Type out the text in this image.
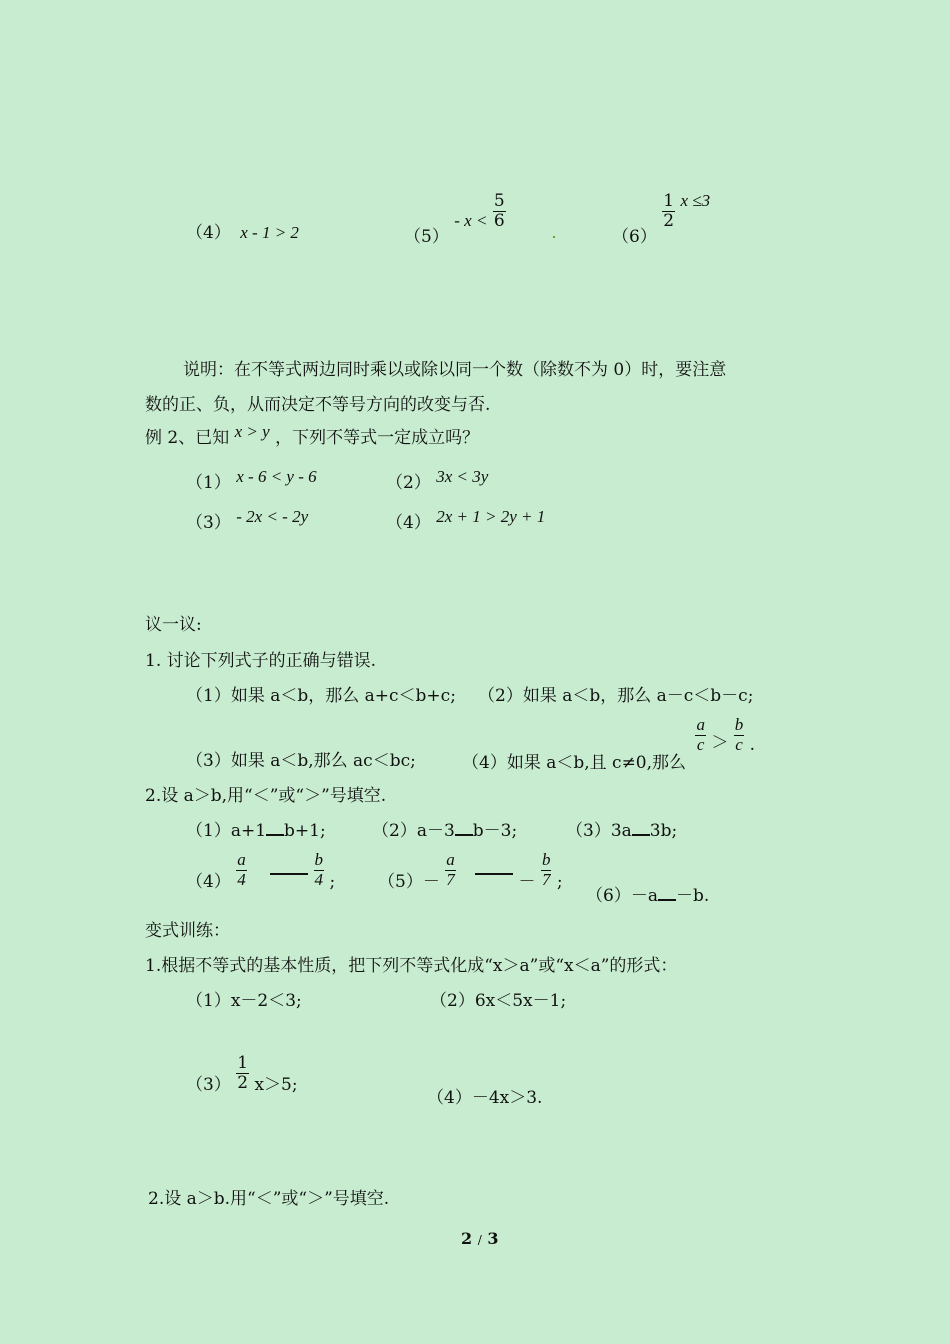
（4） x - 1 > 2	$(5) - x < \frac{5}{6}$
（6）
$\frac{1}{2}$ x ≤3
说明：在不等式两边同时乘以或除以同一个数（除数不为 0）时，要注意
数的正、负，从而决定不等号方向的改变与否.
例 2、已知 x > y ，下列不等式一定成立吗？
（1） x - 6 < y - 6	（2） 3x < 3y
（3） - 2x < - 2y	（4） 2x + 1 > 2y + 1
议一议:
1. 讨论下列式子的正确与错误.
（1）如果 a＜b，那么 a+c＜b+c; （2）如果 a＜b，那么 a－c＜b－c;
（3）如果 a＜b,那么 ac＜bc;	（4）如果 a＜b,且 c≠0,那么
$\frac{a}{c} > \frac{b}{c}$ .
2.设 a＞b,用“＜”或“＞”号填空.
（1）a+1 b+1;	（2）a－3 b－3;	（3）3a 3b;
$(4) \frac{a}{4}$
	$\frac{b}{4}$ ;	$(5)- \frac{a}{7}$	－ $\frac{b}{7}$ ;
（6）－a －b.
变式训练：
1.根据不等式的基本性质，把下列不等式化成“x＞a”或“x＜a”的形式：
（1）x－2＜3;	（2）6x＜5x－1;
$(3) \frac{1}{2} x>5$;
（4）－4x＞3.
2.设 a＞b.用“＜”或“＞”号填空.
2 / 3
